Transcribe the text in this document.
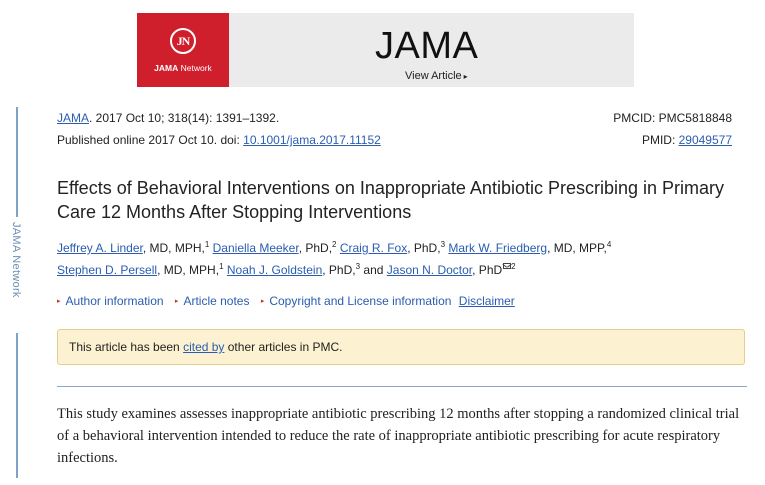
JN
JAMA Network
JAMA
View Article ▸
JAMA Network
JAMA. 2017 Oct 10; 318(14): 1391–1392.
Published online 2017 Oct 10. doi: 10.1001/jama.2017.11152
PMCID: PMC5818848
PMID: 29049577
Effects of Behavioral Interventions on Inappropriate Antibiotic Prescribing in Primary Care 12 Months After Stopping Interventions
Jeffrey A. Linder, MD, MPH,$^1$ Daniella Meeker, PhD,$^2$ Craig R. Fox, PhD,$^3$ Mark W. Friedberg, MD, MPP,$^4$
Stephen D. Persell, MD, MPH,$^1$ Noah J. Goldstein, PhD,$^3$ and Jason N. Doctor, PhD $^2$
▸ Author information ▸ Article notes ▸ Copyright and License information Disclaimer
This article has been cited by other articles in PMC.
This study examines assesses inappropriate antibiotic prescribing 12 months after stopping a randomized clinical trial of a behavioral intervention intended to reduce the rate of inappropriate antibiotic prescribing for acute respiratory infections.
